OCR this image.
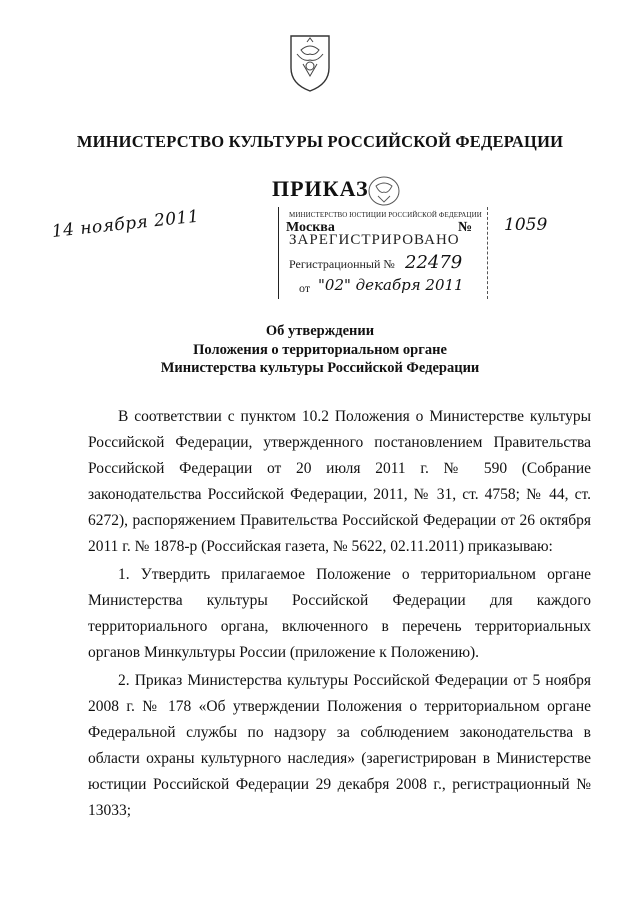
МИНИСТЕРСТВО КУЛЬТУРЫ РОССИЙСКОЙ ФЕДЕРАЦИИ
ПРИКАЗ
МИНИСТЕРСТВО ЮСТИЦИИ РОССИЙСКОЙ ФЕДЕРАЦИИ
Москва	№ 1059
14 ноября 2011	ЗАРЕГИСТРИРОВАНО
Регистрационный № 22479
от "02" декабря 2011
Об утверждении
Положения о территориальном органе
Министерства культуры Российской Федерации

В соответствии с пунктом 10.2 Положения о Министерстве культуры Российской Федерации, утвержденного постановлением Правительства Российской Федерации от 20 июля 2011 г. № 590 (Собрание законодательства Российской Федерации, 2011, № 31, ст. 4758; № 44, ст. 6272), распоряжением Правительства Российской Федерации от 26 октября 2011 г. № 1878-р (Российская газета, № 5622, 02.11.2011) приказываю:

1. Утвердить прилагаемое Положение о территориальном органе Министерства культуры Российской Федерации для каждого территориального органа, включенного в перечень территориальных органов Минкультуры России (приложение к Положению).

2. Приказ Министерства культуры Российской Федерации от 5 ноября 2008 г. № 178 «Об утверждении Положения о территориальном органе Федеральной службы по надзору за соблюдением законодательства в области охраны культурного наследия» (зарегистрирован в Министерстве юстиции Российской Федерации 29 декабря 2008 г., регистрационный № 13033;
